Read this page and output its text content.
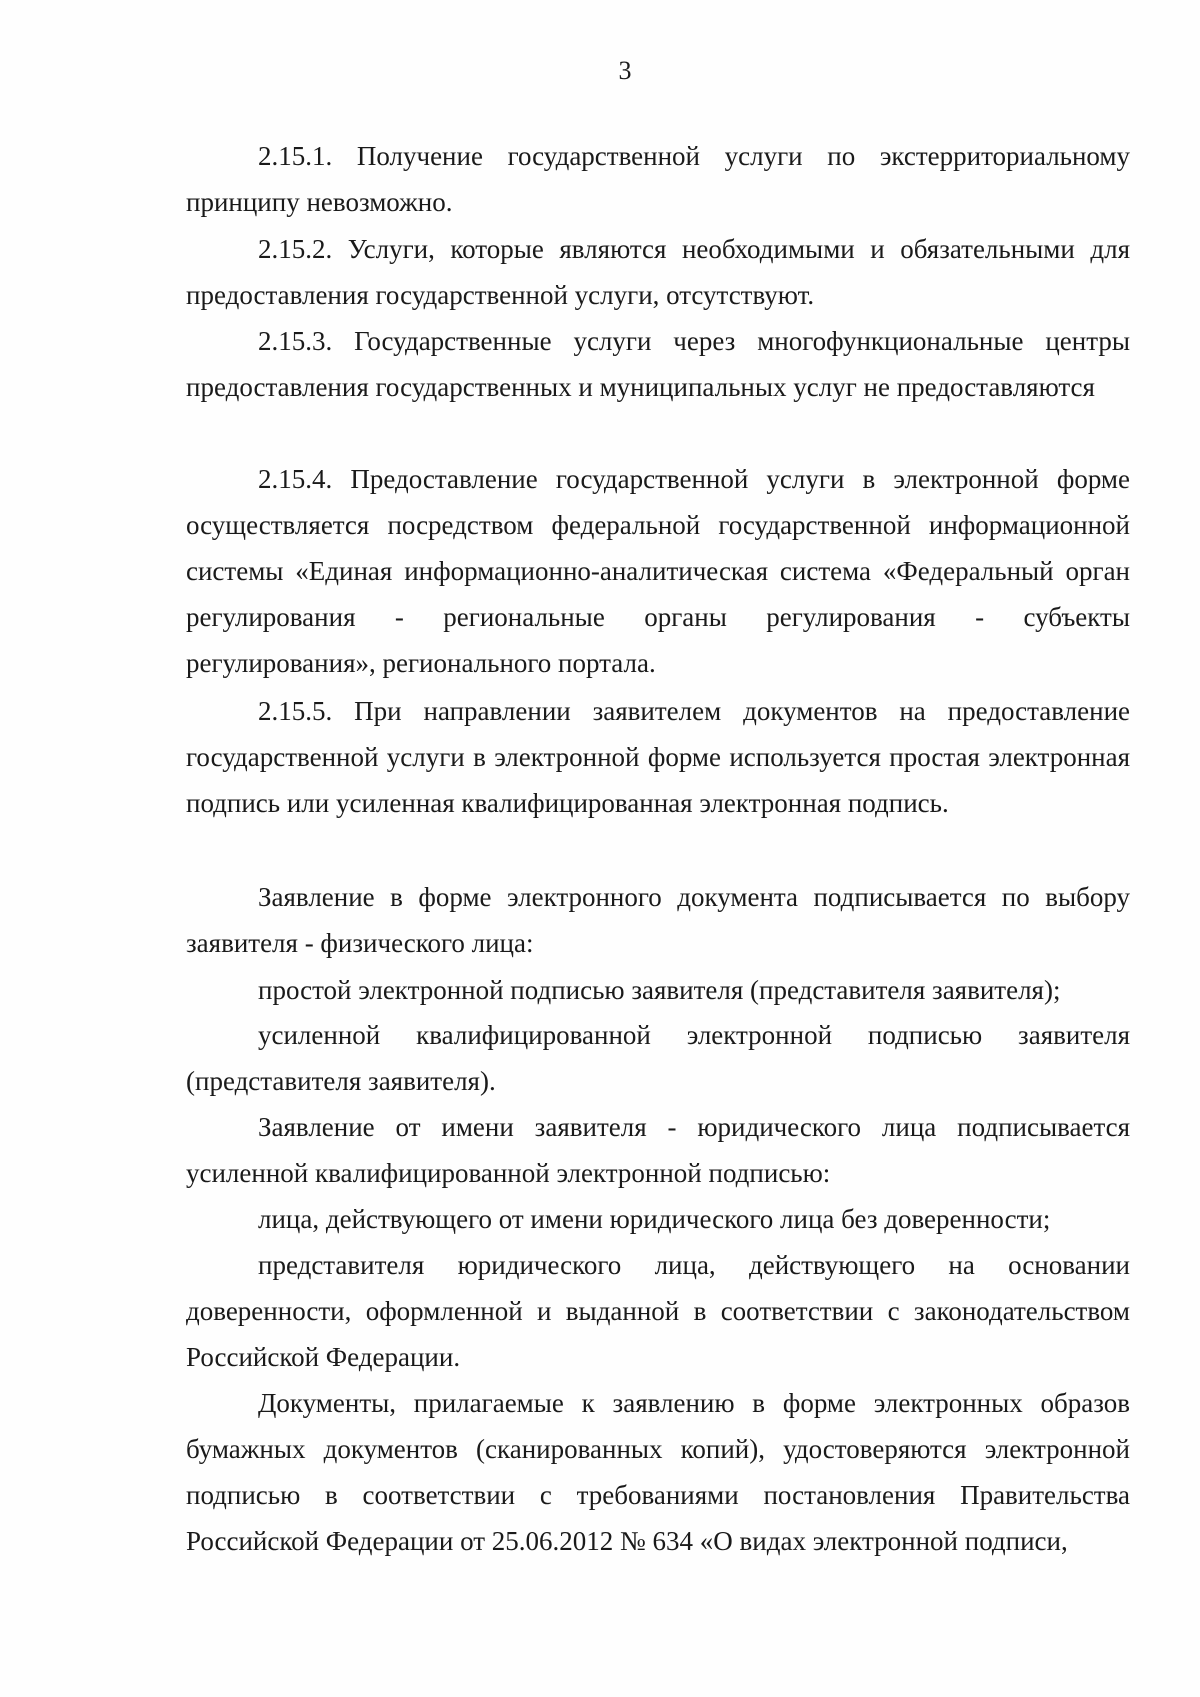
3

2.15.1. Получение государственной услуги по экстерриториальному принципу невозможно.

2.15.2. Услуги, которые являются необходимыми и обязательными для предоставления государственной услуги, отсутствуют.

2.15.3. Государственные услуги через многофункциональные центры предоставления государственных и муниципальных услуг не предоставляются

2.15.4. Предоставление государственной услуги в электронной форме осуществляется посредством федеральной государственной информационной системы «Единая информационно-аналитическая система «Федеральный орган регулирования - региональные органы регулирования - субъекты регулирования», регионального портала.

2.15.5. При направлении заявителем документов на предоставление государственной услуги в электронной форме используется простая электронная подпись или усиленная квалифицированная электронная подпись.

Заявление в форме электронного документа подписывается по выбору заявителя - физического лица:

простой электронной подписью заявителя (представителя заявителя);

усиленной квалифицированной электронной подписью заявителя (представителя заявителя).

Заявление от имени заявителя - юридического лица подписывается усиленной квалифицированной электронной подписью:

лица, действующего от имени юридического лица без доверенности;

представителя юридического лица, действующего на основании доверенности, оформленной и выданной в соответствии с законодательством Российской Федерации.

Документы, прилагаемые к заявлению в форме электронных образов бумажных документов (сканированных копий), удостоверяются электронной подписью в соответствии с требованиями постановления Правительства Российской Федерации от 25.06.2012 № 634 «О видах электронной подписи,
